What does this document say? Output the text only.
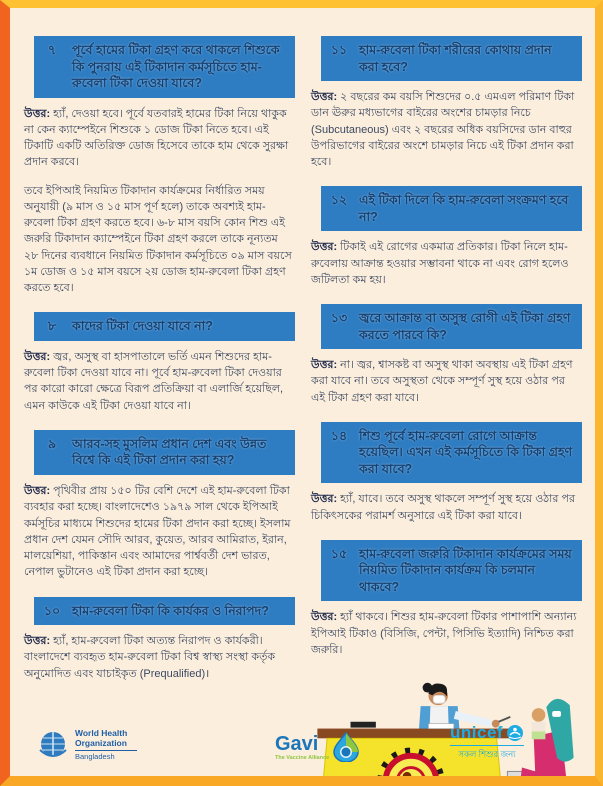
৭	পূর্বে হামের টিকা গ্রহণ করে থাকলে শিশুকে কি পুনরায় এই টিকাদান কর্মসূচিতে হাম-রুবেলা টিকা দেওয়া যাবে?

উত্তর: হ্যাঁ, দেওয়া হবে। পূর্বে যতবারই হামের টিকা নিয়ে থাকুক না কেন ক্যাম্পেইনে শিশুকে ১ ডোজ টিকা নিতে হবে। এই টিকাটি একটি অতিরিক্ত ডোজ হিসেবে তাকে হাম থেকে সুরক্ষা প্রদান করবে।

তবে ইপিআই নিয়মিত টিকাদান কার্যক্রমের নির্ধারিত সময় অনুযায়ী (৯ মাস ও ১৫ মাস পূর্ণ হলে) তাকে অবশ্যই হাম-রুবেলা টিকা গ্রহণ করতে হবে। ৬-৮ মাস বয়সি কোন শিশু এই জরুরি টিকাদান ক্যাম্পেইনে টিকা গ্রহণ করলে তাকে নূন্যতম ২৮ দিনের ব্যবধানে নিয়মিত টিকাদান কর্মসূচিতে ০৯ মাস বয়সে ১ম ডোজ ও ১৫ মাস বয়সে ২য় ডোজ হাম-রুবেলা টিকা গ্রহণ করতে হবে।

৮	কাদের টিকা দেওয়া যাবে না?

উত্তর: জ্বর, অসুস্থ বা হাসপাতালে ভর্তি এমন শিশুদের হাম-রুবেলা টিকা দেওয়া যাবে না। পূর্বে হাম-রুবেলা টিকা দেওয়ার পর কারো কারো ক্ষেত্রে বিরূপ প্রতিক্রিয়া বা এলার্জি হয়েছিল, এমন কাউকে এই টিকা দেওয়া যাবে না।

৯	আরব-সহ মুসলিম প্রধান দেশ এবং উন্নত বিশ্বে কি এই টিকা প্রদান করা হয়?

উত্তর: পৃথিবীর প্রায় ১৫০ টির বেশি দেশে এই হাম-রুবেলা টিকা ব্যবহার করা হচ্ছে। বাংলাদেশেও ১৯৭৯ সাল থেকে ইপিআই কর্মসূচির মাধ্যমে শিশুদের হামের টিকা প্রদান করা হচ্ছে। ইসলাম প্রধান দেশ যেমন সৌদি আরব, কুয়েত, আরব আমিরাত, ইরান, মালয়েশিয়া, পাকিস্তান এবং আমাদের পার্শ্ববর্তী দেশ ভারত, নেপাল ভুটানেও এই টিকা প্রদান করা হচ্ছে।

১০ হাম-রুবেলা টিকা কি কার্যকর ও নিরাপদ?

উত্তর: হ্যাঁ, হাম-রুবেলা টিকা অত্যন্ত নিরাপদ ও কার্যকরী। বাংলাদেশে ব্যবহৃত হাম-রুবেলা টিকা বিশ্ব স্বাস্থ্য সংস্থা কর্তৃক অনুমোদিত এবং যাচাইকৃত (Prequalified)।

১১ হাম-রুবেলা টিকা শরীরের কোথায় প্রদান করা হবে?

উত্তর: ২ বছরের কম বয়সি শিশুদের ০.৫ এমএল পরিমাণ টিকা ডান ঊরুর মধ্যভাগের বাইরের অংশের চামড়ার নিচে (Subcutaneous) এবং ২ বছরের অধিক বয়সিদের ডান বাহুর উপরিভাগের বাইরের অংশে চামড়ার নিচে এই টিকা প্রদান করা হবে।

১২ এই টিকা দিলে কি হাম-রুবেলা সংক্রমণ হবে না?

উত্তর: টিকাই এই রোগের একমাত্র প্রতিকার। টিকা নিলে হাম-রুবেলায় আক্রান্ত হওয়ার সম্ভাবনা থাকে না এবং রোগ হলেও জটিলতা কম হয়।

১৩ জ্বরে আক্রান্ত বা অসুস্থ রোগী এই টিকা গ্রহণ করতে পারবে কি?

উত্তর: না। জ্বর, শ্বাসকষ্ট বা অসুস্থ থাকা অবস্থায় এই টিকা গ্রহণ করা যাবে না। তবে অসুস্থতা থেকে সম্পূর্ণ সুস্থ হয়ে ওঠার পর এই টিকা গ্রহণ করা যাবে।

১৪ শিশু পূর্বে হাম-রুবেলা রোগে আক্রান্ত হয়েছিল। এখন এই কর্মসূচিতে কি টিকা গ্রহণ করা যাবে?

উত্তর: হ্যাঁ, যাবে। তবে অসুস্থ থাকলে সম্পূর্ণ সুস্থ হয়ে ওঠার পর চিকিৎসকের পরামর্শ অনুসারে এই টিকা করা যাবে।

১৫ হাম-রুবেলা জরুরি টিকাদান কার্যক্রমের সময় নিয়মিত টিকাদান কার্যক্রম কি চলমান থাকবে?

উত্তর: হ্যাঁ থাকবে। শিশুর হাম-রুবেলা টিকার পাশাপাশি অন্যান্য ইপিআই টিকাও (বিসিজি, পেন্টা, পিসিভি ইত্যাদি) নিশ্চিত করা জরুরি।

World Health
Organization
Bangladesh
Gavi
The Vaccine Alliance
unicef
সকল শিশুর জন্য
